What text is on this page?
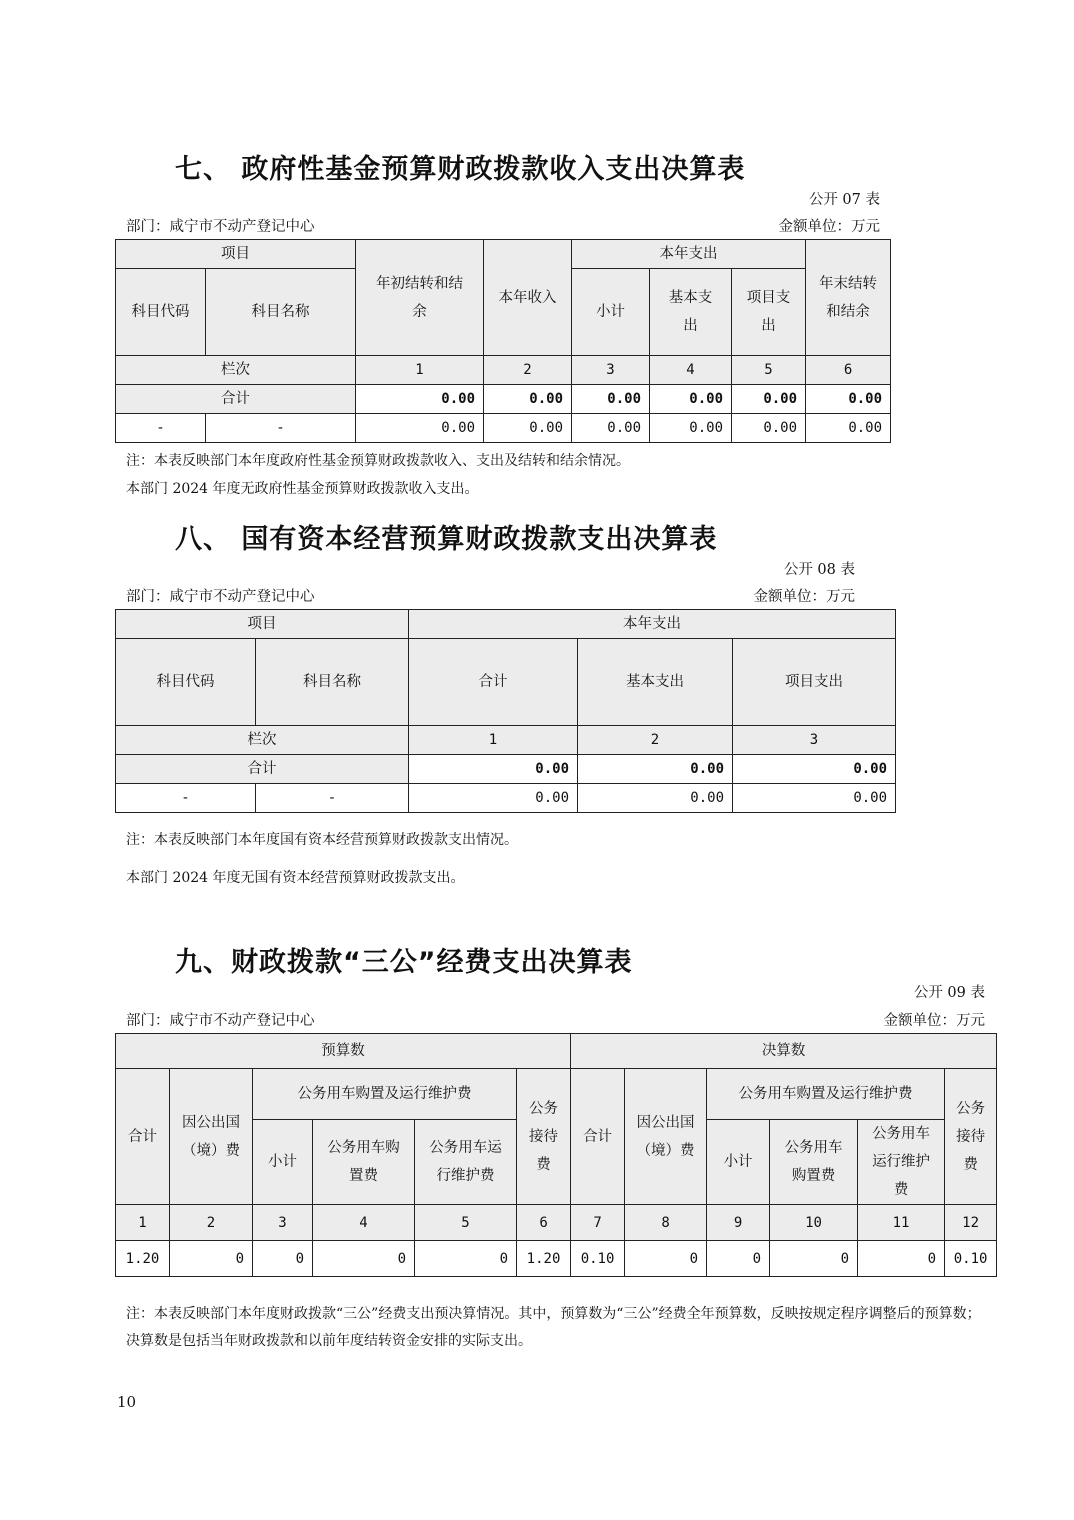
七、 政府性基金预算财政拨款收入支出决算表
公开 07 表
部门：咸宁市不动产登记中心	金额单位：万元
项目		年初结转和结余	本年收入	本年支出			年末结转和结余
科目代码	科目名称			小计	基本支出	项目支出	
栏次		1	2	3	4	5	6
合计		0.00	0.00	0.00	0.00	0.00	0.00
-	-	0.00	0.00	0.00	0.00	0.00	0.00
注：本表反映部门本年度政府性基金预算财政拨款收入、支出及结转和结余情况。
本部门 2024 年度无政府性基金预算财政拨款收入支出。
八、 国有资本经营预算财政拨款支出决算表
公开 08 表
部门：咸宁市不动产登记中心	金额单位：万元
项目		本年支出		
科目代码	科目名称	合计	基本支出	项目支出
栏次		1	2	3
合计		0.00	0.00	0.00
-	-	0.00	0.00	0.00
注：本表反映部门本年度国有资本经营预算财政拨款支出情况。
本部门 2024 年度无国有资本经营预算财政拨款支出。
九、财政拨款“三公”经费支出决算表
公开 09 表
部门：咸宁市不动产登记中心	金额单位：万元
预算数						决算数					
合计	因公出国（境）费	公务用车购置及运行维护费			公务接待费	合计	因公出国（境）费	公务用车购置及运行维护费			公务接待费
		小计	公务用车购置费	公务用车运行维护费				小计	公务用车购置费	公务用车运行维护费	
1	2	3	4	5	6	7	8	9	10	11	12
1.20	0	0	0	0	1.20	0.10	0	0	0	0	0.10
注：本表反映部门本年度财政拨款“三公”经费支出预决算情况。其中，预算数为“三公”经费全年预算数，反映按规定程序调整后的预算数；决算数是包括当年财政拨款和以前年度结转资金安排的实际支出。
10
